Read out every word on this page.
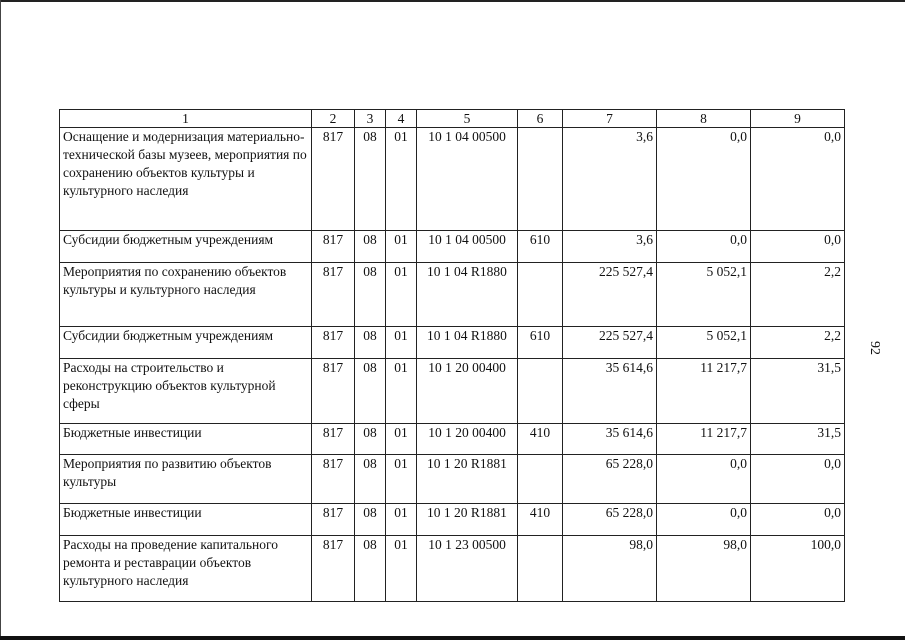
92
1	2	3	4	5	6	7	8	9
Оснащение и модернизация материально-технической базы музеев, мероприятия по сохранению объектов культуры и культурного наследия	817	08	01	10 1 04 00500		3,6	0,0	0,0
Субсидии бюджетным учреждениям	817	08	01	10 1 04 00500	610	3,6	0,0	0,0
Мероприятия по сохранению объектов культуры и культурного наследия	817	08	01	10 1 04 R1880		225 527,4	5 052,1	2,2
Субсидии бюджетным учреждениям	817	08	01	10 1 04 R1880	610	225 527,4	5 052,1	2,2
Расходы на строительство и реконструкцию объектов культурной сферы	817	08	01	10 1 20 00400		35 614,6	11 217,7	31,5
Бюджетные инвестиции	817	08	01	10 1 20 00400	410	35 614,6	11 217,7	31,5
Мероприятия по развитию объектов культуры	817	08	01	10 1 20 R1881		65 228,0	0,0	0,0
Бюджетные инвестиции	817	08	01	10 1 20 R1881	410	65 228,0	0,0	0,0
Расходы на проведение капитального ремонта и реставрации объектов культурного наследия	817	08	01	10 1 23 00500		98,0	98,0	100,0
